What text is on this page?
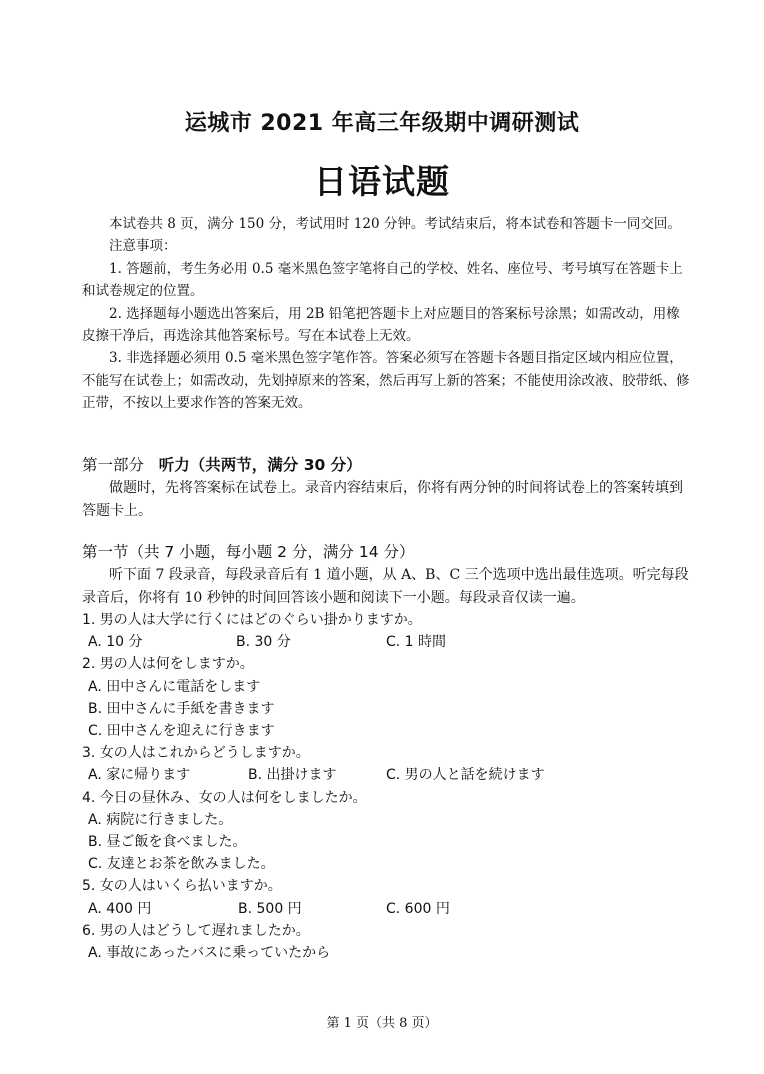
运城市 2021 年高三年级期中调研测试
日语试题

本试卷共 8 页，满分 150 分，考试用时 120 分钟。考试结束后，将本试卷和答题卡一同交回。

注意事项：

1. 答题前，考生务必用 0.5 毫米黑色签字笔将自己的学校、姓名、座位号、考号填写在答题卡上和试卷规定的位置。

2. 选择题每小题选出答案后，用 2B 铅笔把答题卡上对应题目的答案标号涂黑；如需改动，用橡皮擦干净后，再选涂其他答案标号。写在本试卷上无效。

3. 非选择题必须用 0.5 毫米黑色签字笔作答。答案必须写在答题卡各题目指定区域内相应位置，不能写在试卷上；如需改动，先划掉原来的答案，然后再写上新的答案；不能使用涂改液、胶带纸、修正带，不按以上要求作答的答案无效。

第一部分 听力（共两节，满分 30 分）

做题时，先将答案标在试卷上。录音内容结束后，你将有两分钟的时间将试卷上的答案转填到答题卡上。

第一节（共 7 小题，每小题 2 分，满分 14 分）

听下面 7 段录音，每段录音后有 1 道小题，从 A、B、C 三个选项中选出最佳选项。听完每段录音后，你将有 10 秒钟的时间回答该小题和阅读下一小题。每段录音仅读一遍。

1. 男の人は大学に行くにはどのぐらい掛かりますか。
A. 10 分	B. 30 分	C. 1 時間
2. 男の人は何をしますか。
A. 田中さんに電話をします
B. 田中さんに手紙を書きます
C. 田中さんを迎えに行きます
3. 女の人はこれからどうしますか。
A. 家に帰ります	B. 出掛けます	C. 男の人と話を続けます
4. 今日の昼休み、女の人は何をしましたか。
A. 病院に行きました。
B. 昼ご飯を食べました。
C. 友達とお茶を飲みました。
5. 女の人はいくら払いますか。
A. 400 円	B. 500 円	C. 600 円
6. 男の人はどうして遅れましたか。
A. 事故にあったバスに乗っていたから
第 1 页（共 8 页）
